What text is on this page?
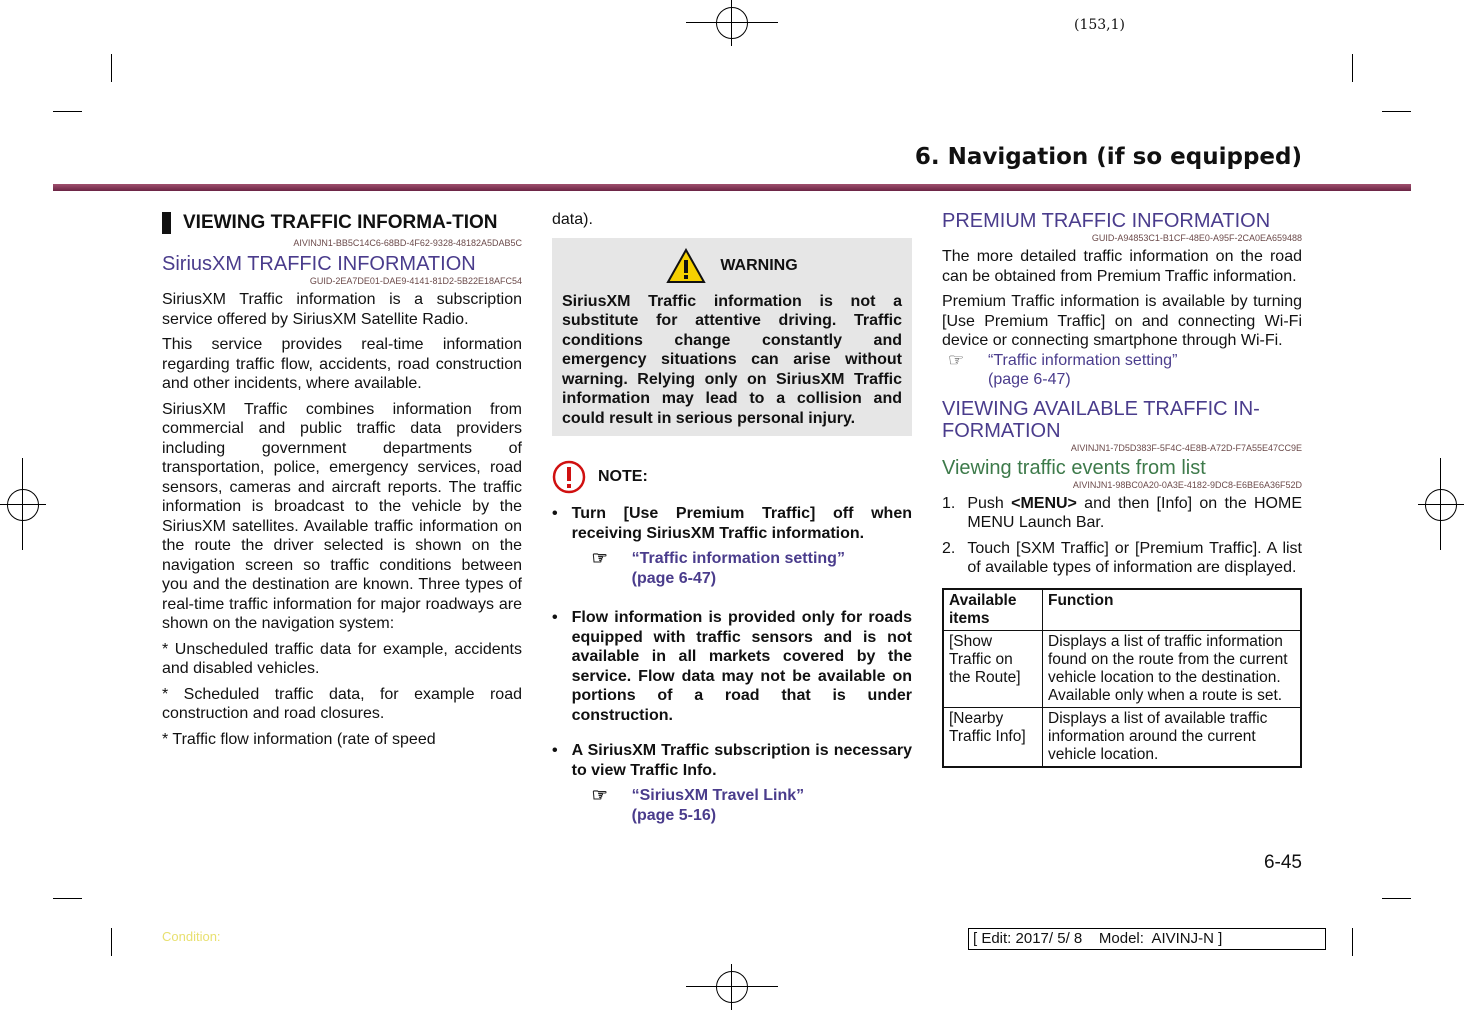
(153,1)
6. Navigation (if so equipped)
VIEWING TRAFFIC INFORMA-TION
AIVINJN1-BB5C14C6-68BD-4F62-9328-48182A5DAB5C
SiriusXM TRAFFIC INFORMATION
GUID-2EA7DE01-DAE9-4141-81D2-5B22E18AFC54

SiriusXM Traffic information is a subscription service offered by SiriusXM Satellite Radio.

This service provides real-time information regarding traffic flow, accidents, road construction and other incidents, where available.

SiriusXM Traffic combines information from commercial and public traffic data providers including government departments of transportation, police, emergency services, road sensors, cameras and aircraft reports. The traffic information is broadcast to the vehicle by the SiriusXM satellites. Available traffic information on the route the driver selected is shown on the navigation screen so traffic conditions between you and the destination are known. Three types of real-time traffic information for major roadways are shown on the navigation system:

* Unscheduled traffic data for example, accidents and disabled vehicles.

* Scheduled traffic data, for example road construction and road closures.

* Traffic flow information (rate of speed

data).

WARNING
SiriusXM Traffic information is not a substitute for attentive driving. Traffic conditions change constantly and emergency situations can arise without warning. Relying only on SiriusXM Traffic information may lead to a collision and could result in serious personal injury.
NOTE:
• Turn [Use Premium Traffic] off when receiving SiriusXM Traffic information.

☞	“Traffic information setting”
(page 6-47)
• Flow information is provided only for roads equipped with traffic sensors and is not available in all markets covered by the service. Flow data may not be available on portions of a road that is under construction.

• A SiriusXM Traffic subscription is necessary to view Traffic Info.

☞	“SiriusXM Travel Link”
(page 5-16)
PREMIUM TRAFFIC INFORMATION
GUID-A94853C1-B1CF-48E0-A95F-2CA0EA659488

The more detailed traffic information on the road can be obtained from Premium Traffic information.

Premium Traffic information is available by turning [Use Premium Traffic] on and connecting Wi-Fi device or connecting smartphone through Wi-Fi.

☞	“Traffic information setting”
(page 6-47)
VIEWING AVAILABLE TRAFFIC IN-FORMATION
AIVINJN1-7D5D383F-5F4C-4E8B-A72D-F7A55E47CC9E
Viewing traffic events from list
AIVINJN1-98BC0A20-0A3E-4182-9DC8-E6BE6A36F52D
1. Push <MENU> and then [Info] on the HOME MENU Launch Bar.
2. Touch [SXM Traffic] or [Premium Traffic]. A list of available types of information are displayed.
Available items	Function
[Show Traffic on the Route]	Displays a list of traffic information found on the route from the current vehicle location to the destination. Available only when a route is set.
[Nearby Traffic Info]	Displays a list of available traffic information around the current vehicle location.
6-45
Condition:	[ Edit: 2017/ 5/ 8    Model:  AIVINJ-N ]
